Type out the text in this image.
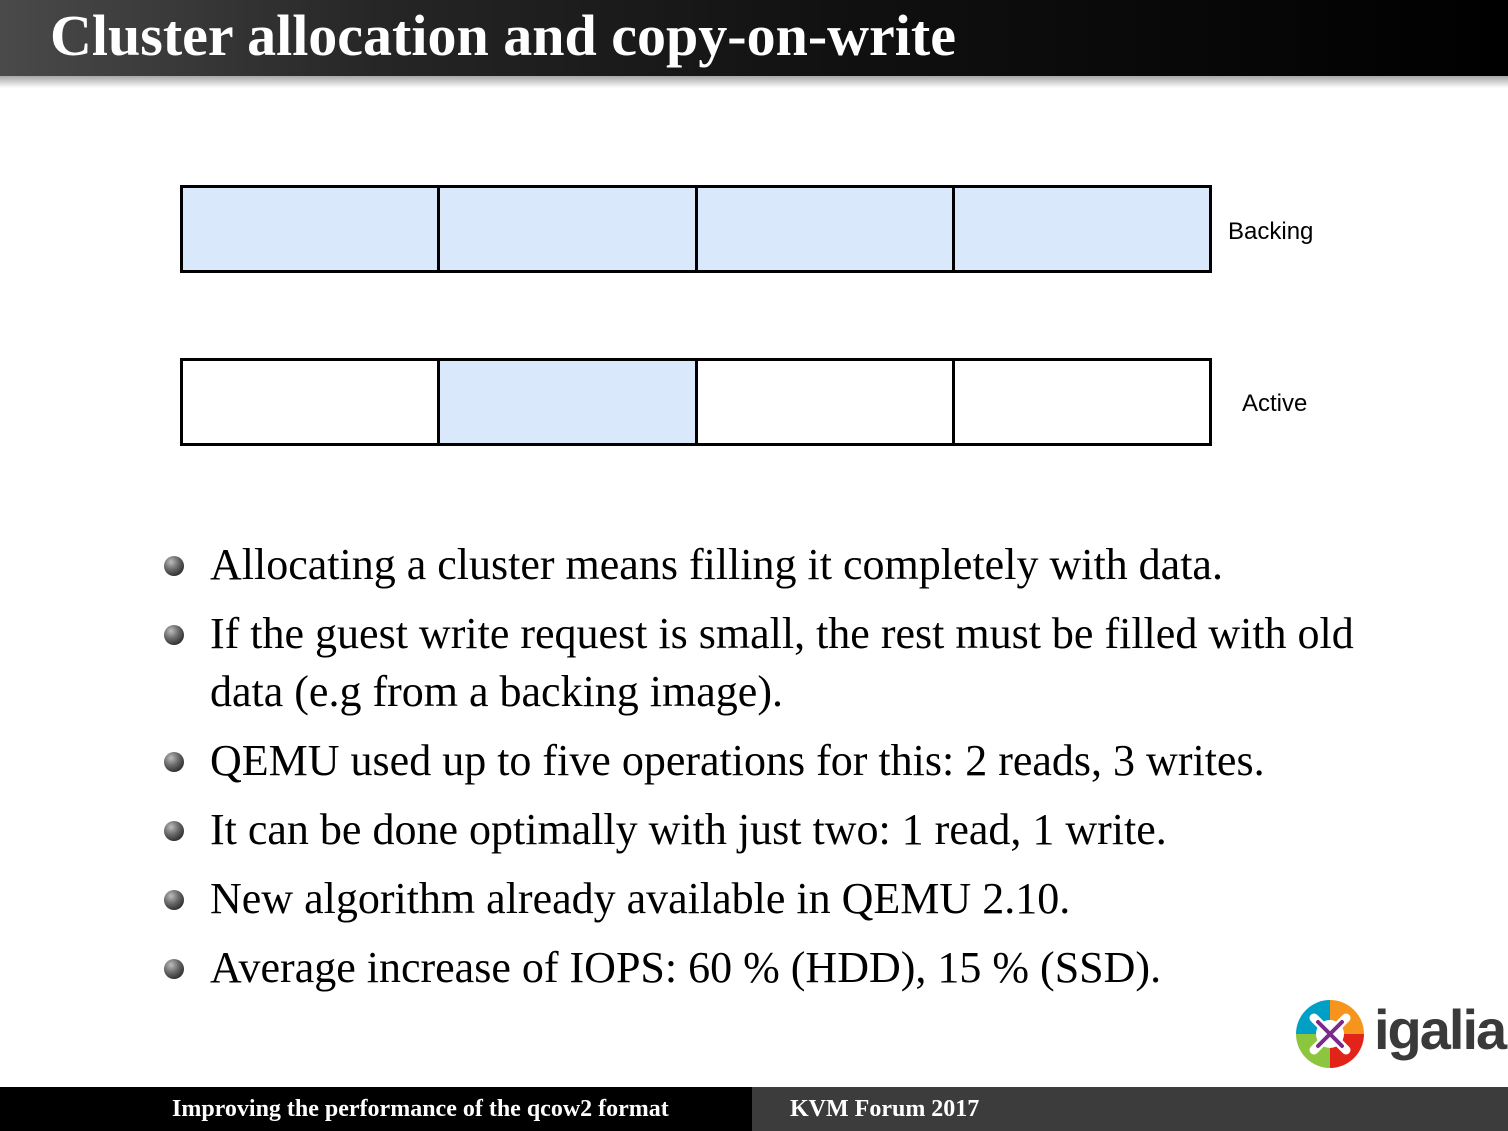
Cluster allocation and copy-on-write
Backing
Active
Allocating a cluster means filling it completely with data.
If the guest write request is small, the rest must be filled with old data (e.g from a backing image).
QEMU used up to five operations for this: 2 reads, 3 writes.
It can be done optimally with just two: 1 read, 1 write.
New algorithm already available in QEMU 2.10.
Average increase of IOPS: 60 % (HDD), 15 % (SSD).
igalia
Improving the performance of the qcow2 format	KVM Forum 2017
